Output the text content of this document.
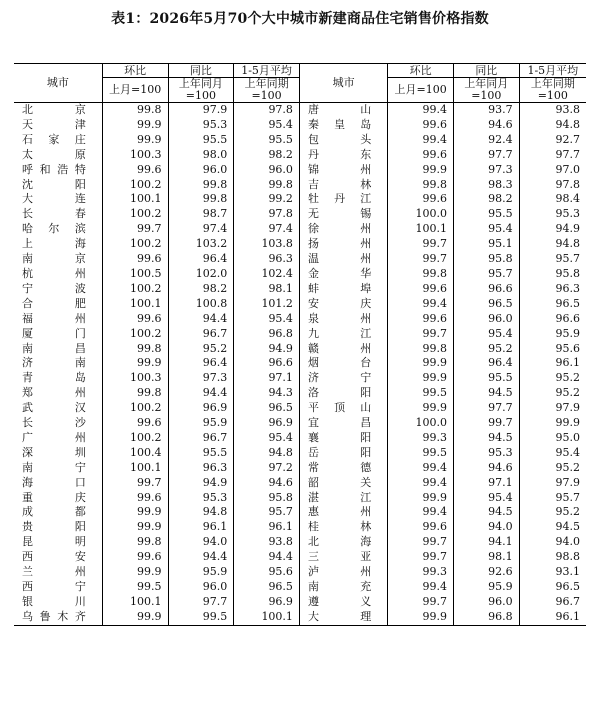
表1：2026年5月70个大中城市新建商品住宅销售价格指数
城市	环比	同比	1-5月平均	城市	环比	同比	1-5月平均
	上月=100	上年同月=100	上年同期=100		上月=100	上年同月=100	上年同期=100
北京	99.8	97.9	97.8	唐山	99.4	93.7	93.8
天津	99.9	95.3	95.4	秦皇岛	99.6	94.6	94.8
石家庄	99.9	95.5	95.5	包头	99.4	92.4	92.7
太原	100.3	98.0	98.2	丹东	99.6	97.7	97.7
呼和浩特	99.6	96.0	96.0	锦州	99.9	97.3	97.0
沈阳	100.2	99.8	99.8	吉林	99.8	98.3	97.8
大连	100.1	99.8	99.2	牡丹江	99.6	98.2	98.4
长春	100.2	98.7	97.8	无锡	100.0	95.5	95.3
哈尔滨	99.7	97.4	97.4	徐州	100.1	95.4	94.9
上海	100.2	103.2	103.8	扬州	99.7	95.1	94.8
南京	99.6	96.4	96.3	温州	99.7	95.8	95.7
杭州	100.5	102.0	102.4	金华	99.8	95.7	95.8
宁波	100.2	98.2	98.1	蚌埠	99.6	96.6	96.3
合肥	100.1	100.8	101.2	安庆	99.4	96.5	96.5
福州	99.6	94.4	95.4	泉州	99.6	96.0	96.6
厦门	100.2	96.7	96.8	九江	99.7	95.4	95.9
南昌	99.8	95.2	94.9	赣州	99.8	95.2	95.6
济南	99.9	96.4	96.6	烟台	99.9	96.4	96.1
青岛	100.3	97.3	97.1	济宁	99.9	95.5	95.2
郑州	99.8	94.4	94.3	洛阳	99.5	94.5	95.2
武汉	100.2	96.9	96.5	平顶山	99.9	97.7	97.9
长沙	99.6	95.9	96.9	宜昌	100.0	99.7	99.9
广州	100.2	96.7	95.4	襄阳	99.3	94.5	95.0
深圳	100.4	95.5	94.8	岳阳	99.5	95.3	95.4
南宁	100.1	96.3	97.2	常德	99.4	94.6	95.2
海口	99.7	94.9	94.6	韶关	99.4	97.1	97.9
重庆	99.6	95.3	95.8	湛江	99.9	95.4	95.7
成都	99.9	94.8	95.7	惠州	99.4	94.5	95.2
贵阳	99.9	96.1	96.1	桂林	99.6	94.0	94.5
昆明	99.8	94.0	93.8	北海	99.7	94.1	94.0
西安	99.6	94.4	94.4	三亚	99.7	98.1	98.8
兰州	99.9	95.9	95.6	泸州	99.3	92.6	93.1
西宁	99.5	96.0	96.5	南充	99.4	95.9	96.5
银川	100.1	97.7	96.9	遵义	99.7	96.0	96.7
乌鲁木齐	99.9	99.5	100.1	大理	99.9	96.8	96.1
